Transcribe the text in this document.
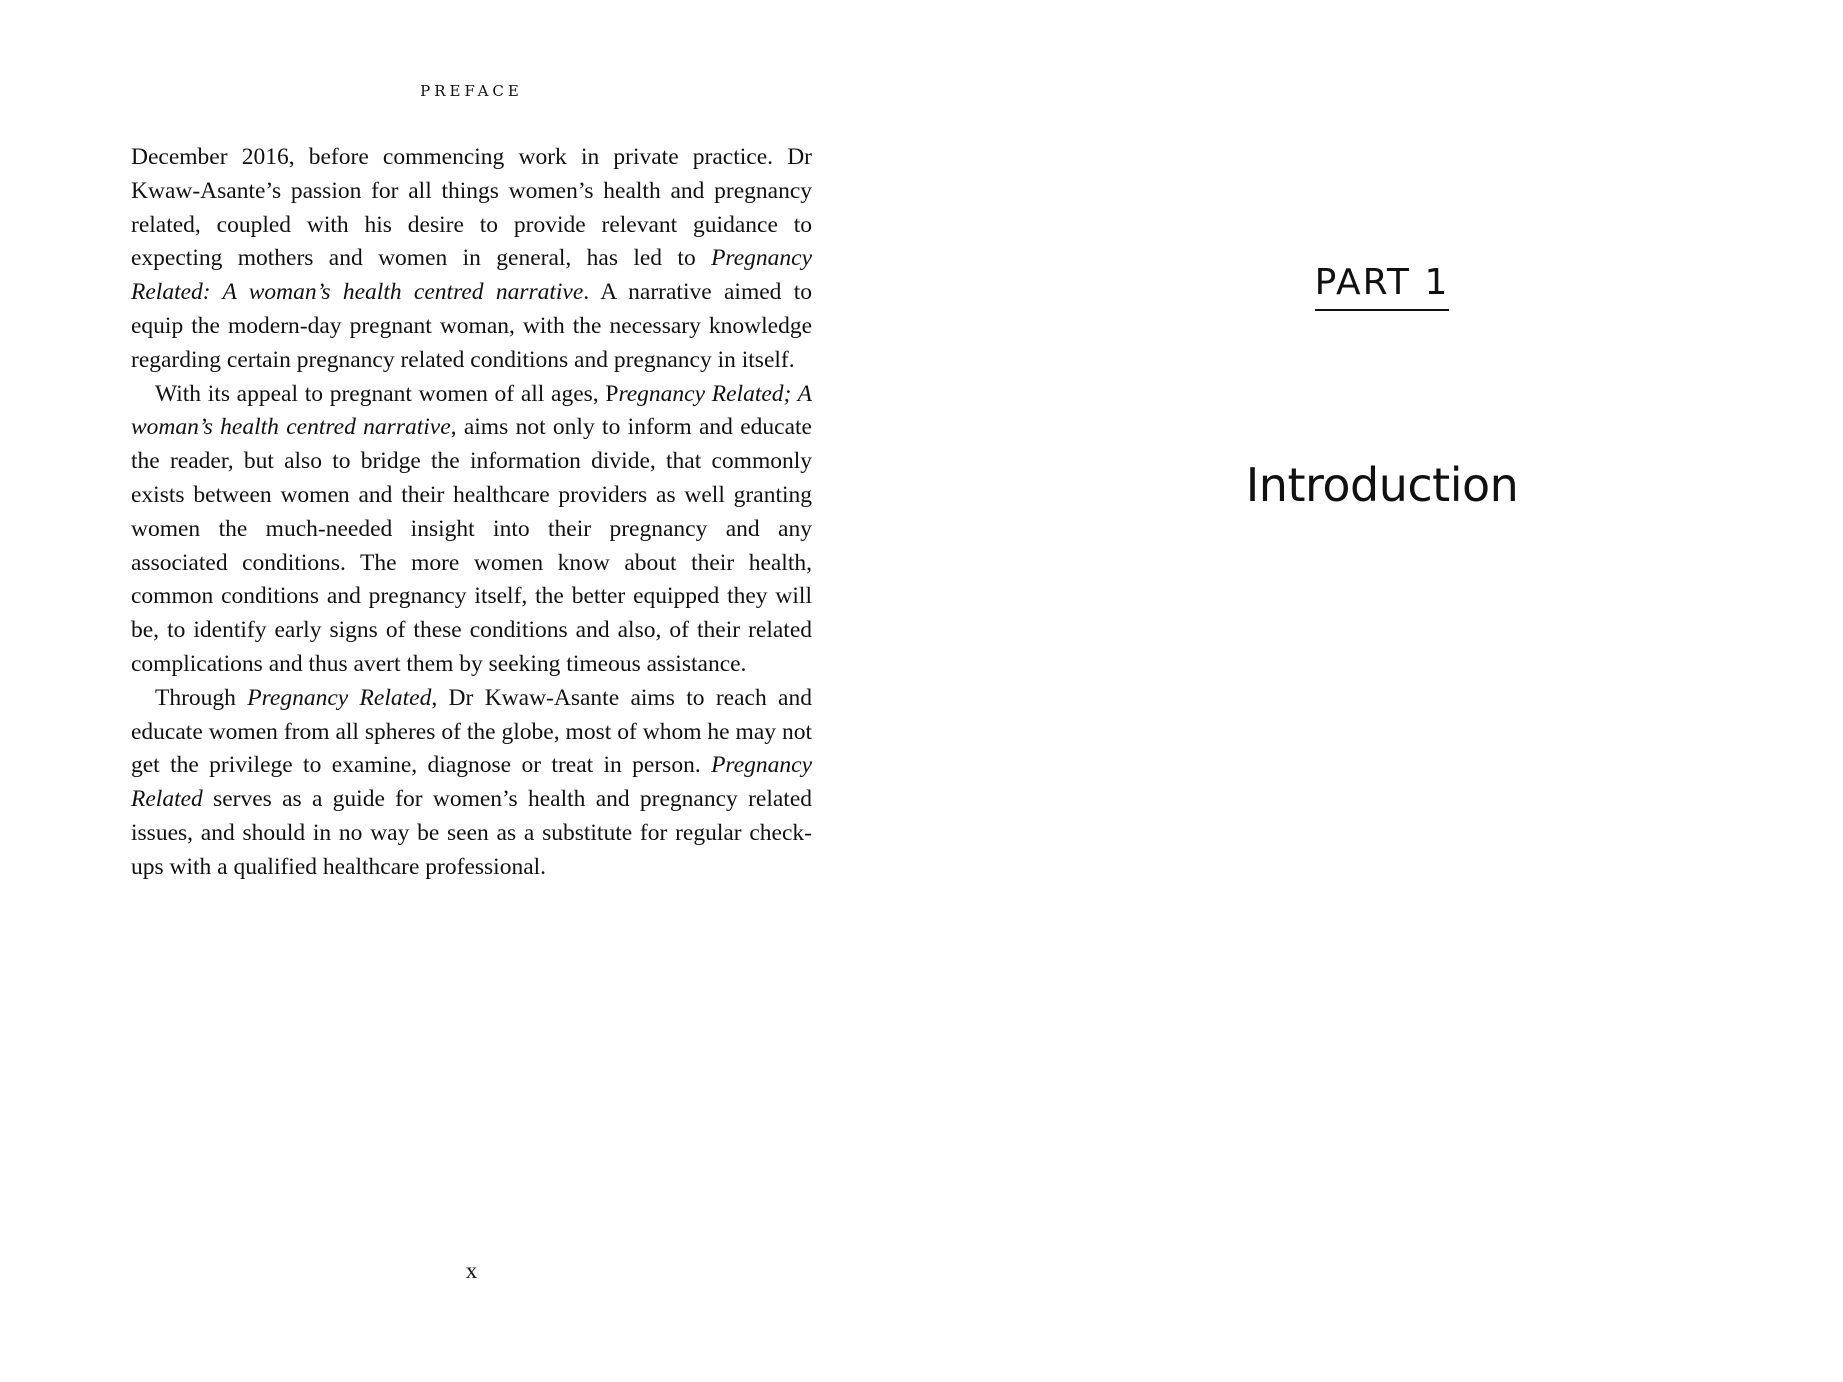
PREFACE

December 2016, before commencing work in private practice. Dr Kwaw-Asante’s passion for all things women’s health and pregnancy related, coupled with his desire to provide relevant guidance to expecting mothers and women in general, has led to Pregnancy Related: A woman’s health centred narrative. A narrative aimed to equip the modern-day pregnant woman, with the necessary knowledge regarding certain pregnancy related conditions and pregnancy in itself.

With its appeal to pregnant women of all ages, Pregnancy Related; A woman’s health centred narrative, aims not only to inform and educate the reader, but also to bridge the information divide, that commonly exists between women and their healthcare providers as well granting women the much-needed insight into their pregnancy and any associated conditions. The more women know about their health, common conditions and pregnancy itself, the better equipped they will be, to identify early signs of these conditions and also, of their related complications and thus avert them by seeking timeous assistance.

Through Pregnancy Related, Dr Kwaw-Asante aims to reach and educate women from all spheres of the globe, most of whom he may not get the privilege to examine, diagnose or treat in person. Pregnancy Related serves as a guide for women’s health and pregnancy related issues, and should in no way be seen as a substitute for regular check-ups with a qualified healthcare professional.

x
PART 1
Introduction
